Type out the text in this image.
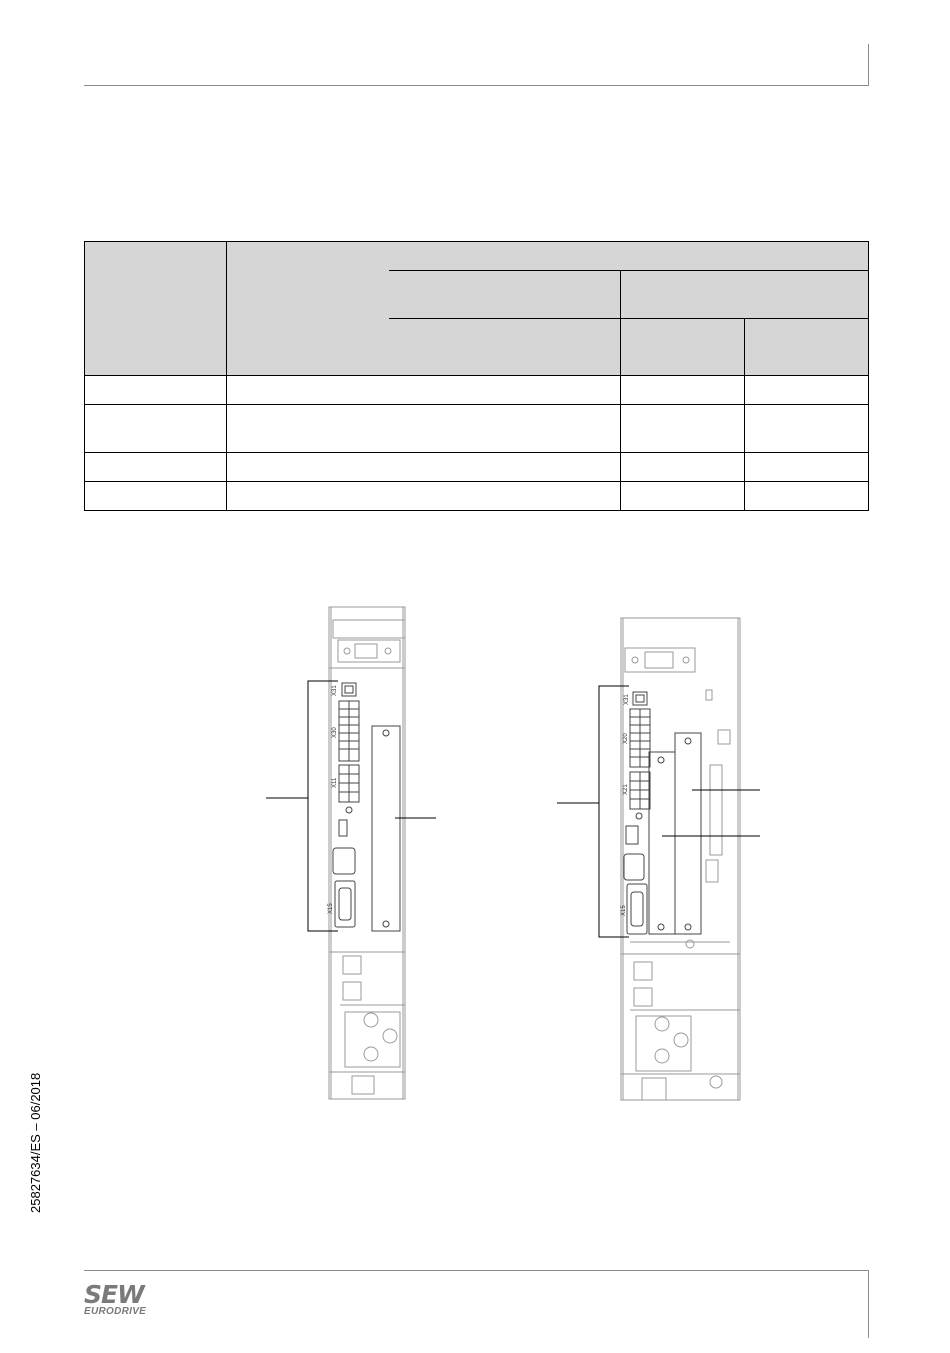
X31
X30
X11
X15
X31
X20
X21
X15
25827634/ES – 06/2018
SEW
EURODRIVE
